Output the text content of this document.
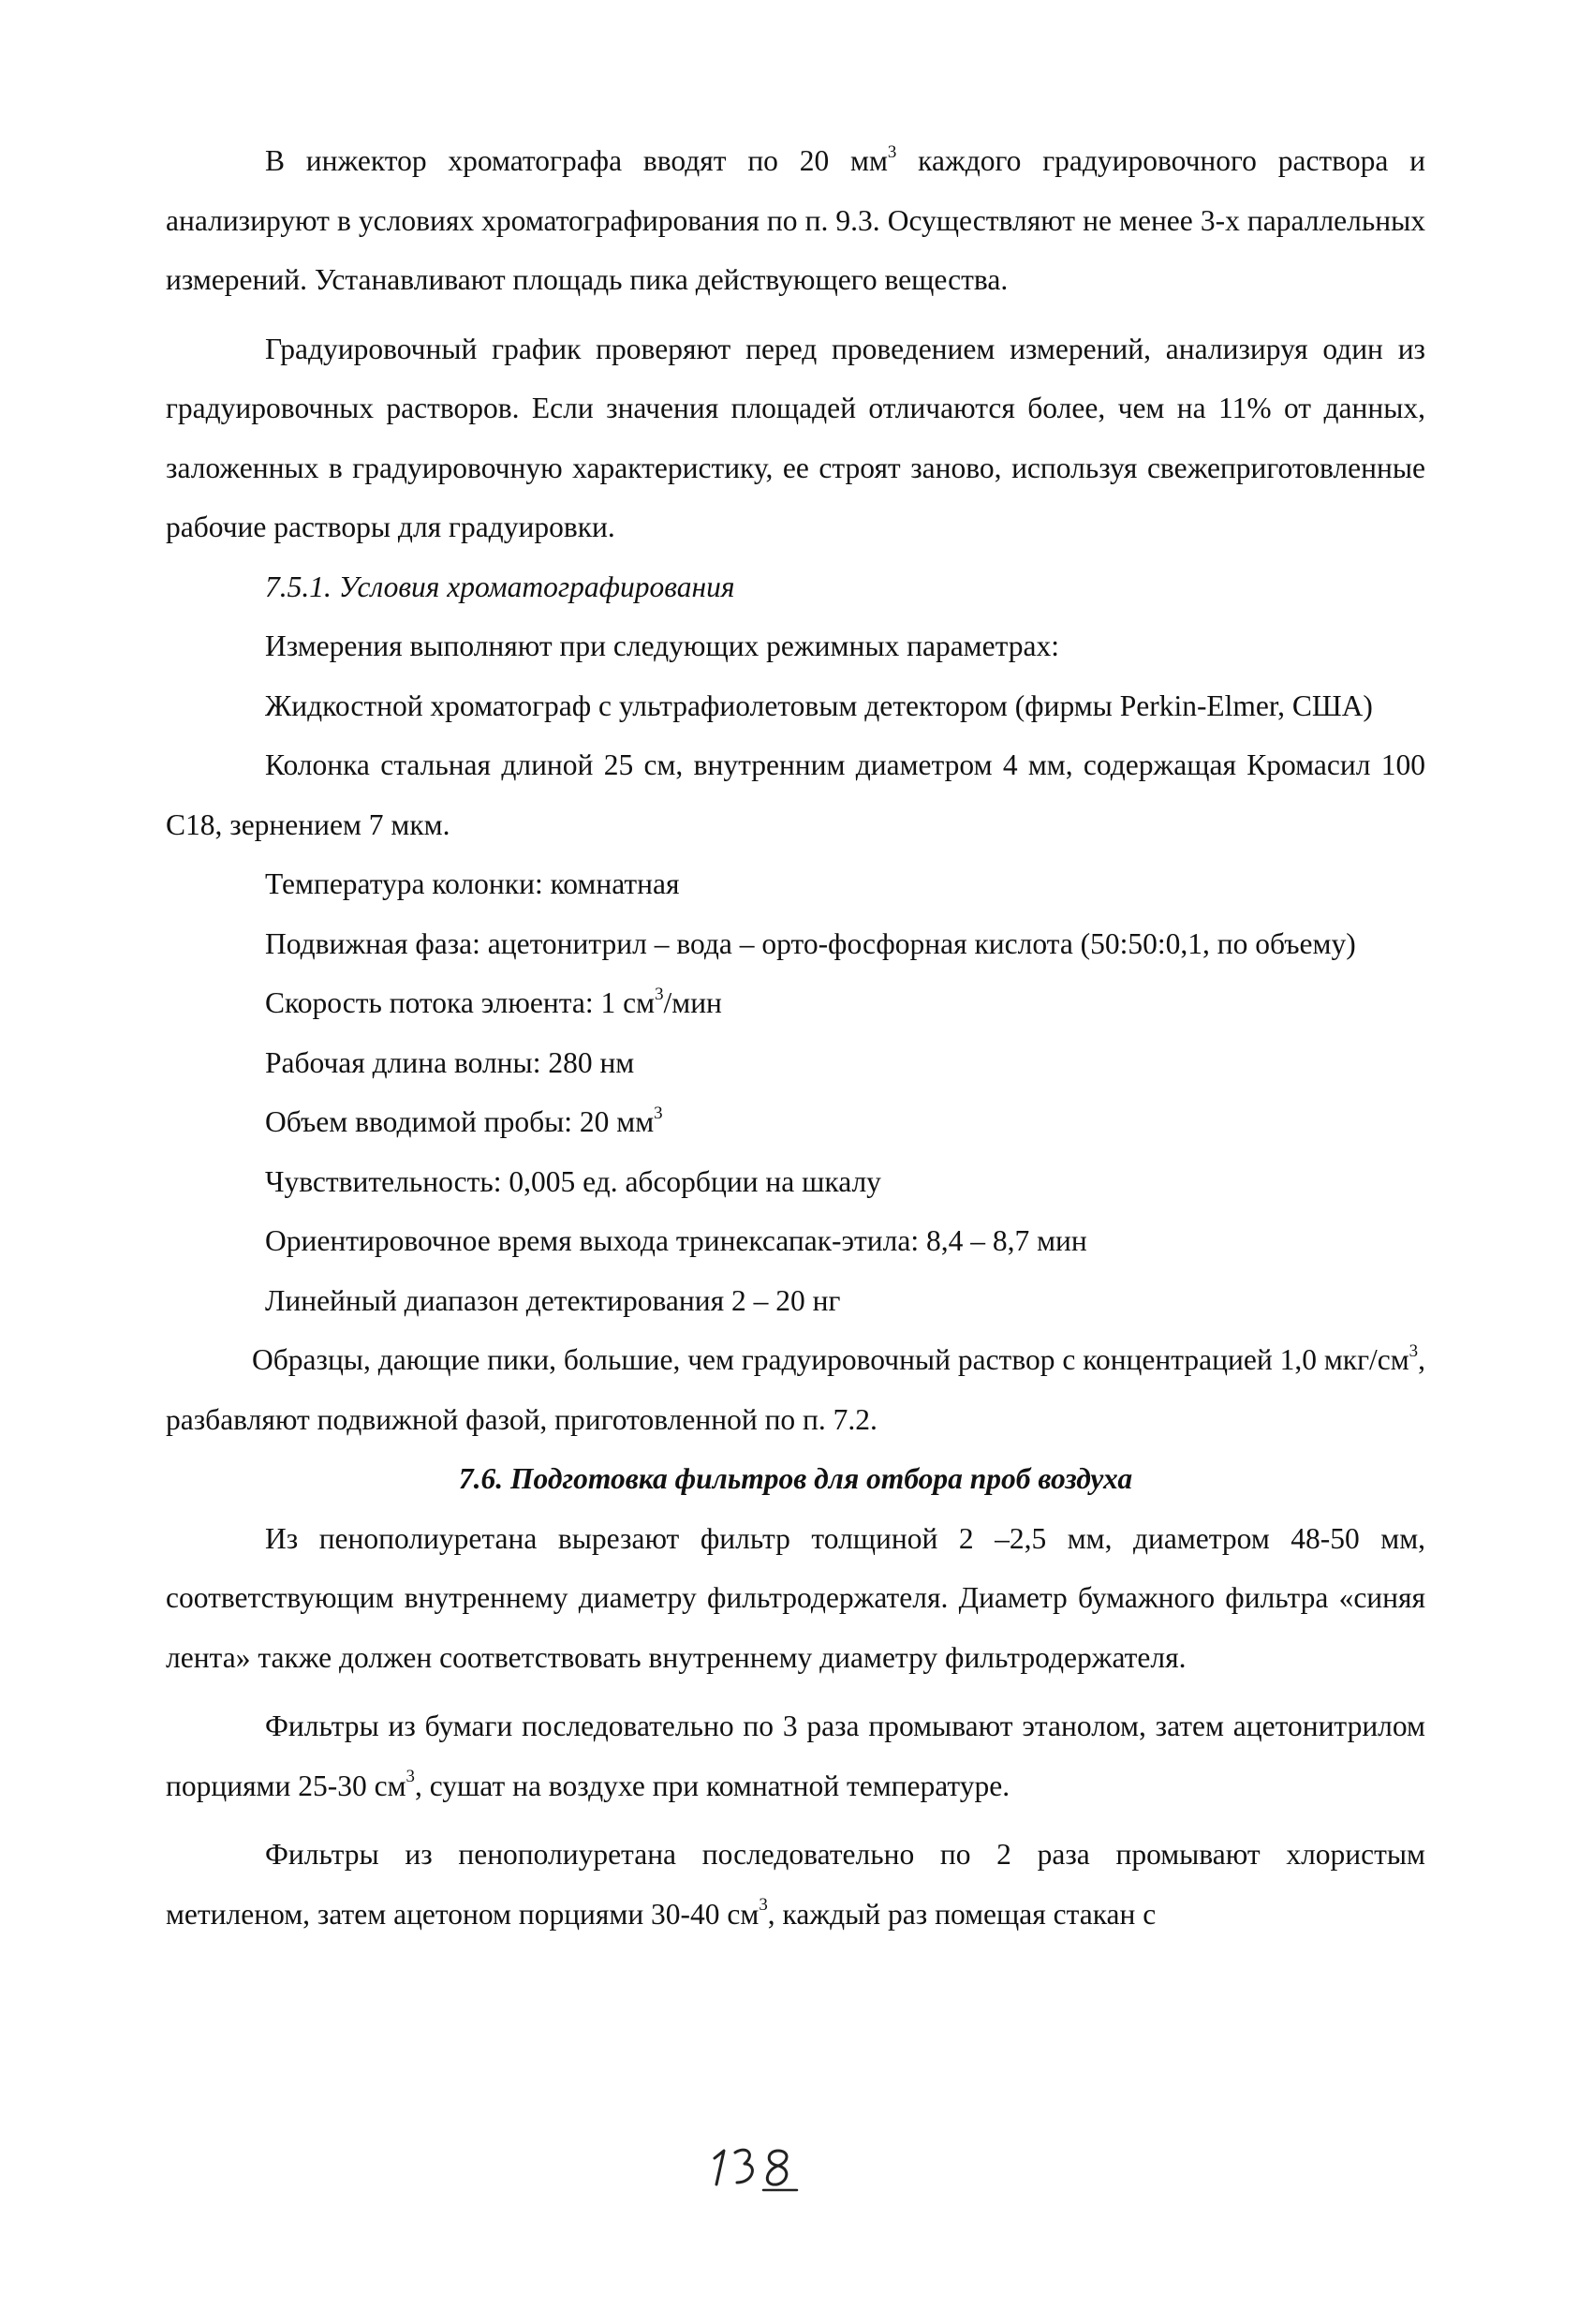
В инжектор хроматографа вводят по 20 $мм^3$ каждого градуировочного раствора и анализируют в условиях хроматографирования по п. 9.3. Осуществляют не менее 3-х параллельных измерений. Устанавливают площадь пика действующего вещества.

Градуировочный график проверяют перед проведением измерений, анализируя один из градуировочных растворов. Если значения площадей отличаются более, чем на 11% от данных, заложенных в градуировочную характеристику, ее строят заново, используя свежеприготовленные рабочие растворы для градуировки.

7.5.1. Условия хроматографирования

Измерения выполняют при следующих режимных параметрах:

Жидкостной хроматограф с ультрафиолетовым детектором (фирмы Perkin-Elmer, США)

Колонка стальная длиной 25 см, внутренним диаметром 4 мм, содержащая Кромасил 100 С18, зернением 7 мкм.

Температура колонки: комнатная

Подвижная фаза: ацетонитрил – вода – орто-фосфорная кислота (50:50:0,1, по объему)

Скорость потока элюента: 1 $см^3$/мин

Рабочая длина волны: 280 нм

Объем вводимой пробы: 20 $мм^3$

Чувствительность: 0,005 ед. абсорбции на шкалу

Ориентировочное время выхода тринексапак-этила: 8,4 – 8,7 мин

Линейный диапазон детектирования 2 – 20 нг

Образцы, дающие пики, большие, чем градуировочный раствор с концентрацией 1,0 мкг/$см^3$, разбавляют подвижной фазой, приготовленной по п. 7.2.

7.6. Подготовка фильтров для отбора проб воздуха

Из пенополиуретана вырезают фильтр толщиной 2 –2,5 мм, диаметром 48-50 мм, соответствующим внутреннему диаметру фильтродержателя. Диаметр бумажного фильтра «синяя лента» также должен соответствовать внутреннему диаметру фильтродержателя.

Фильтры из бумаги последовательно по 3 раза промывают этанолом, затем ацетонитрилом порциями 25-30 $см^3$, сушат на воздухе при комнатной температуре.

Фильтры из пенополиуретана последовательно по 2 раза промывают хлористым метиленом, затем ацетоном порциями 30-40 $см^3$, каждый раз помещая стакан с
